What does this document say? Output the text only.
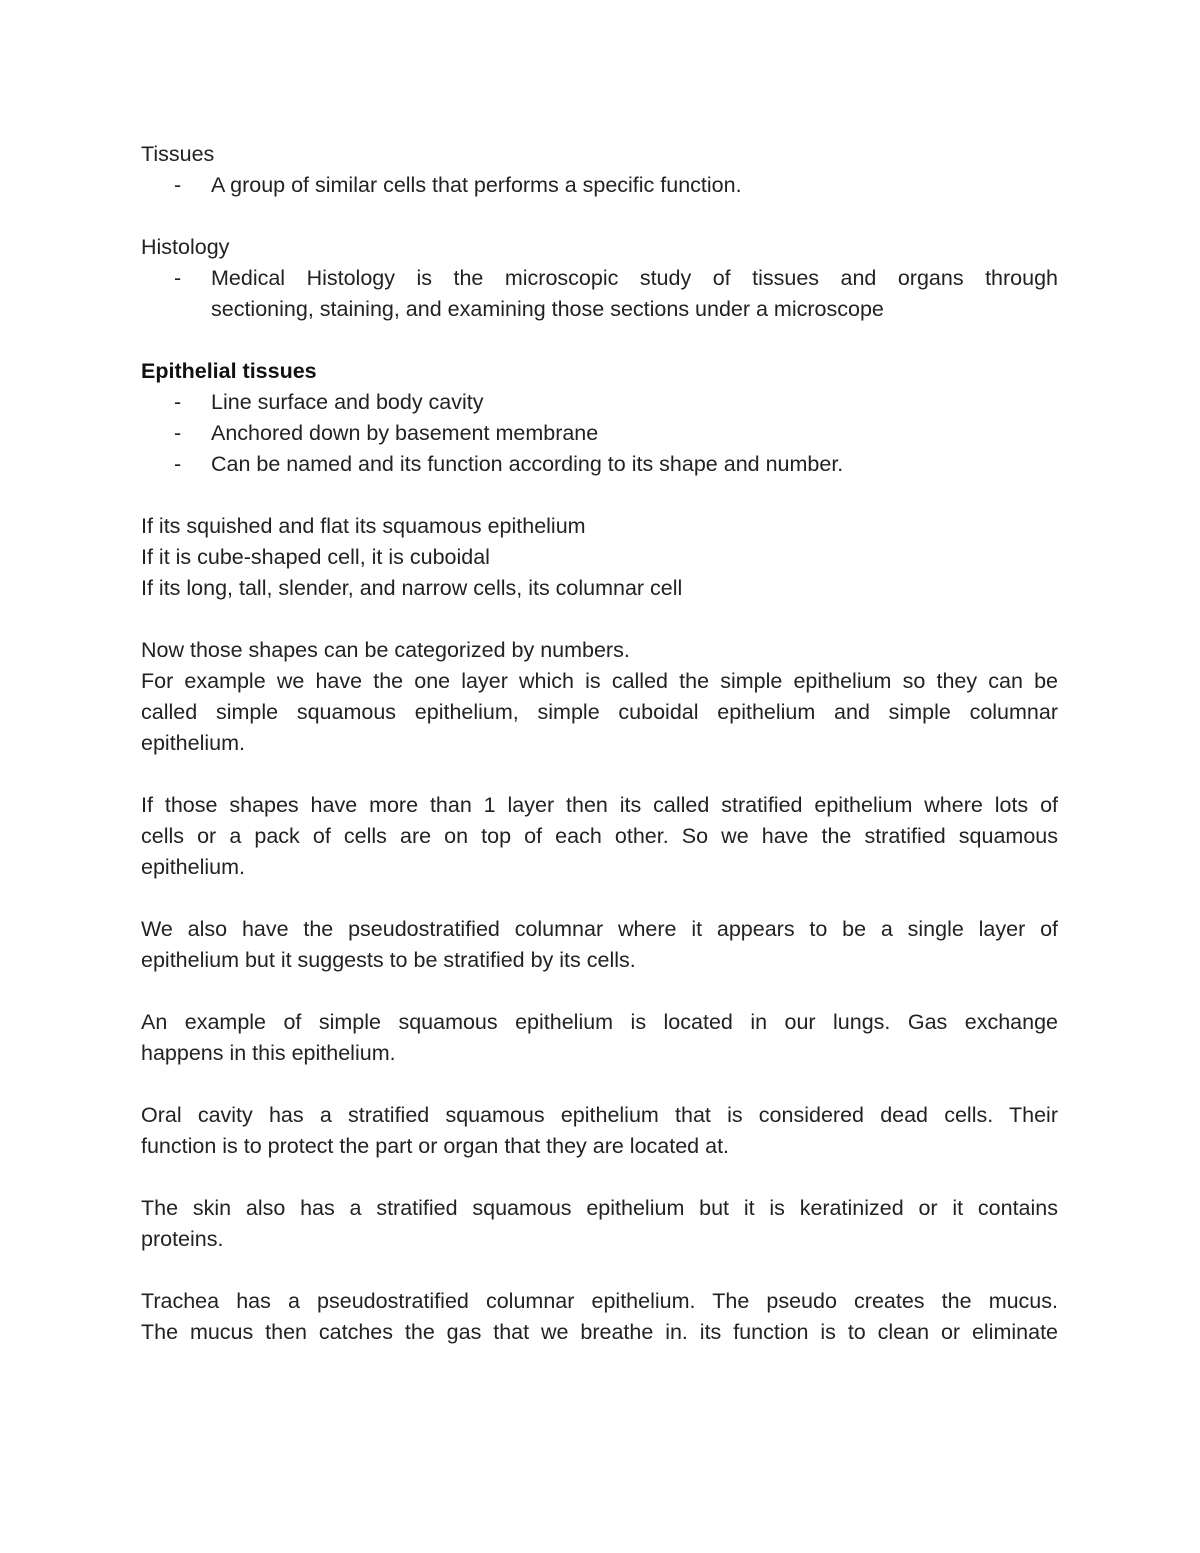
Tissues
- A group of similar cells that performs a specific function.
Histology
- Medical Histology is the microscopic study of tissues and organs through
sectioning, staining, and examining those sections under a microscope
Epithelial tissues
- Line surface and body cavity
- Anchored down by basement membrane
- Can be named and its function according to its shape and number.
If its squished and flat its squamous epithelium
If it is cube-shaped cell, it is cuboidal
If its long, tall, slender, and narrow cells, its columnar cell
Now those shapes can be categorized by numbers.
For example we have the one layer which is called the simple epithelium so they can be
called simple squamous epithelium, simple cuboidal epithelium and simple columnar
epithelium.
If those shapes have more than 1 layer then its called stratified epithelium where lots of
cells or a pack of cells are on top of each other. So we have the stratified squamous
epithelium.
We also have the pseudostratified columnar where it appears to be a single layer of
epithelium but it suggests to be stratified by its cells.
An example of simple squamous epithelium is located in our lungs. Gas exchange
happens in this epithelium.
Oral cavity has a stratified squamous epithelium that is considered dead cells. Their
function is to protect the part or organ that they are located at.
The skin also has a stratified squamous epithelium but it is keratinized or it contains
proteins.
Trachea has a pseudostratified columnar epithelium. The pseudo creates the mucus.
The mucus then catches the gas that we breathe in. its function is to clean or eliminate
